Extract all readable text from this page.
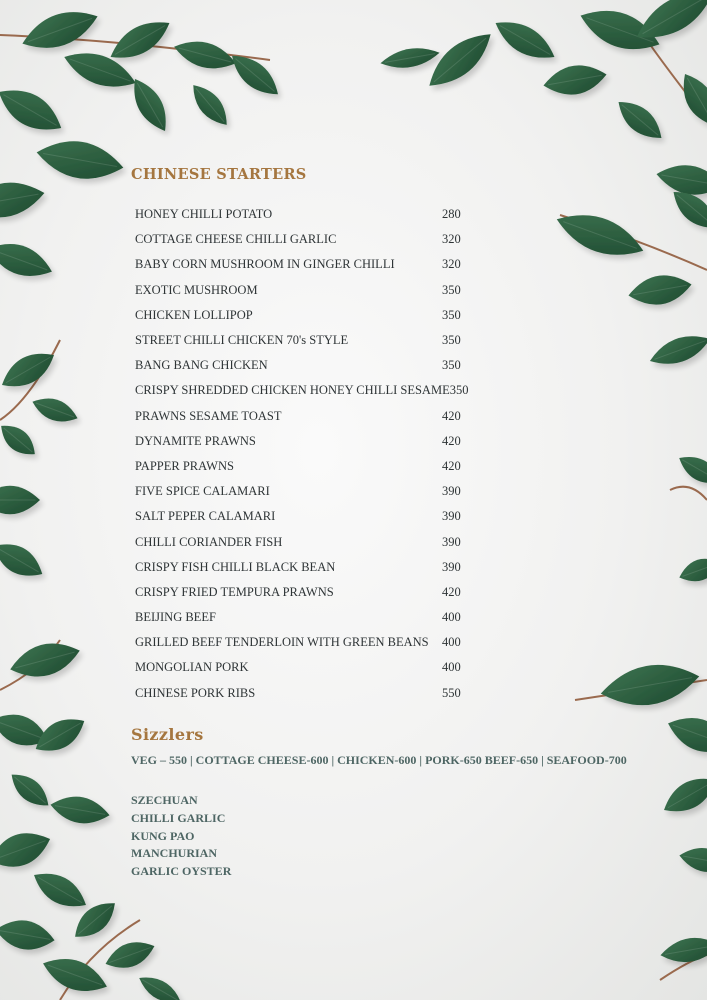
CHINESE STARTERS
HONEY CHILLI POTATO	280
COTTAGE CHEESE CHILLI GARLIC	320
BABY CORN MUSHROOM IN GINGER CHILLI	320
EXOTIC MUSHROOM	350
CHICKEN LOLLIPOP	350
STREET CHILLI CHICKEN 70's STYLE	350
BANG BANG CHICKEN	350
CRISPY SHREDDED CHICKEN HONEY CHILLI SESAME 350
PRAWNS SESAME TOAST	420
DYNAMITE PRAWNS	420
PAPPER PRAWNS	420
FIVE SPICE CALAMARI	390
SALT PEPER CALAMARI	390
CHILLI CORIANDER FISH	390
CRISPY FISH CHILLI BLACK BEAN	390
CRISPY FRIED TEMPURA PRAWNS	420
BEIJING BEEF	400
GRILLED BEEF TENDERLOIN WITH GREEN BEANS 400
MONGOLIAN PORK	400
CHINESE PORK RIBS	550
Sizzlers
VEG – 550 | COTTAGE CHEESE-600 | CHICKEN-600 | PORK-650 BEEF-650 | SEAFOOD-700
SZECHUAN
CHILLI GARLIC
KUNG PAO
MANCHURIAN
GARLIC OYSTER
